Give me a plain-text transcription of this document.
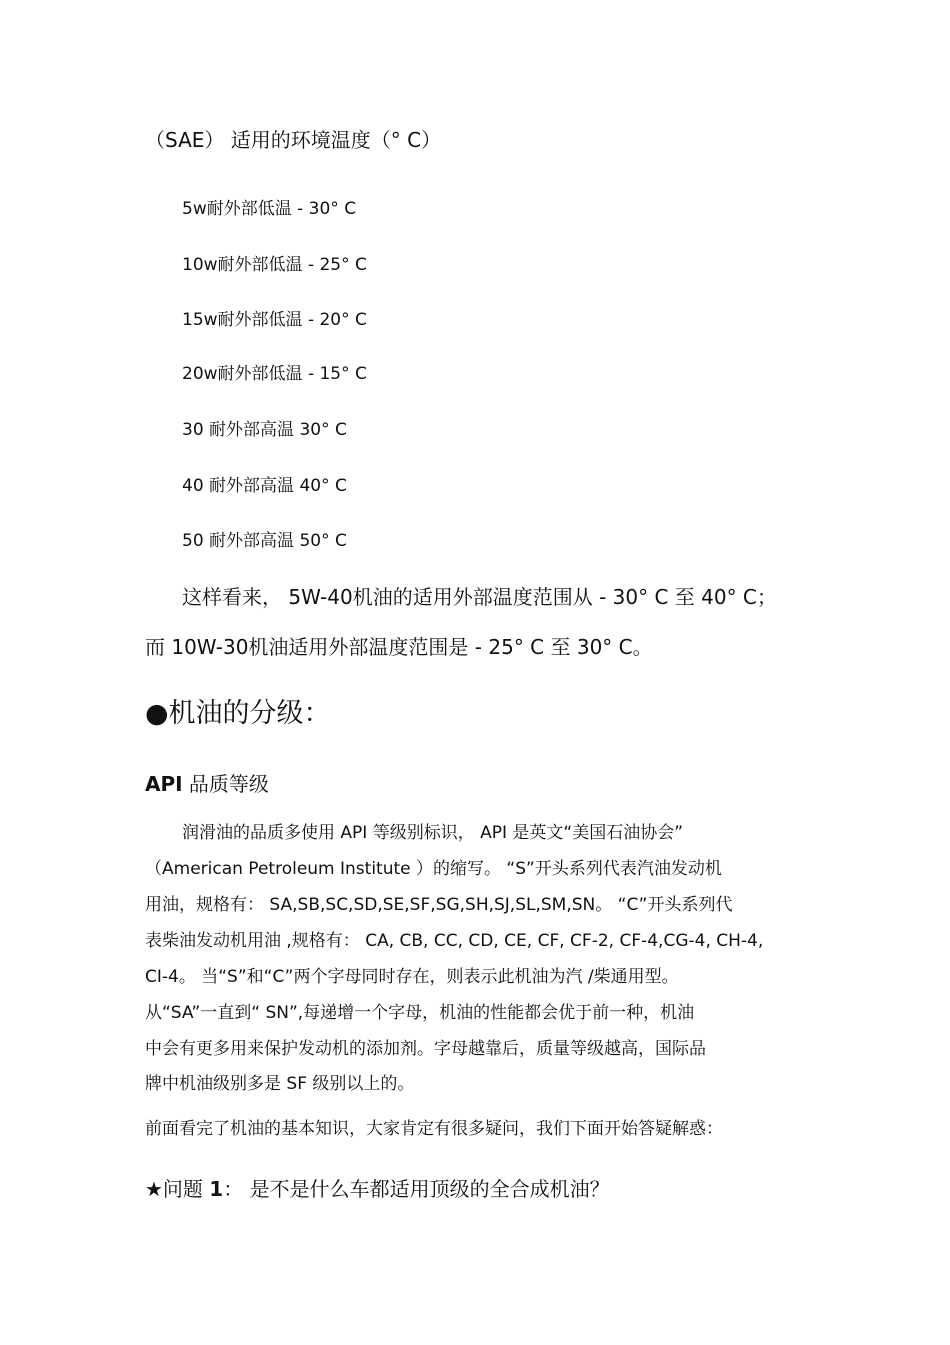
（SAE） 适用的环境温度（° C）
5w耐外部低温 - 30° C
10w耐外部低温 - 25° C
15w耐外部低温 - 20° C
20w耐外部低温 - 15° C
30 耐外部高温 30° C
40 耐外部高温 40° C
50 耐外部高温 50° C
这样看来， 5W-40机油的适用外部温度范围从 - 30° C 至 40° C；
而 10W-30机油适用外部温度范围是 - 25° C 至 30° C。
●机油的分级：
API 品质等级
润滑油的品质多使用 API 等级别标识， API 是英文“美国石油协会”
（American Petroleum Institute ）的缩写。 “S”开头系列代表汽油发动机
用油，规格有： SA,SB,SC,SD,SE,SF,SG,SH,SJ,SL,SM,SN。 “C”开头系列代
表柴油发动机用油 ,规格有： CA, CB, CC, CD, CE, CF, CF-2, CF-4,CG-4, CH-4,
CI-4。 当“S”和“C”两个字母同时存在，则表示此机油为汽 /柴通用型。
从“SA”一直到“ SN”,每递增一个字母，机油的性能都会优于前一种，机油
中会有更多用来保护发动机的添加剂。字母越靠后，质量等级越高，国际品
牌中机油级别多是 SF 级别以上的。
前面看完了机油的基本知识，大家肯定有很多疑问，我们下面开始答疑解惑：
★问题 1： 是不是什么车都适用顶级的全合成机油？
